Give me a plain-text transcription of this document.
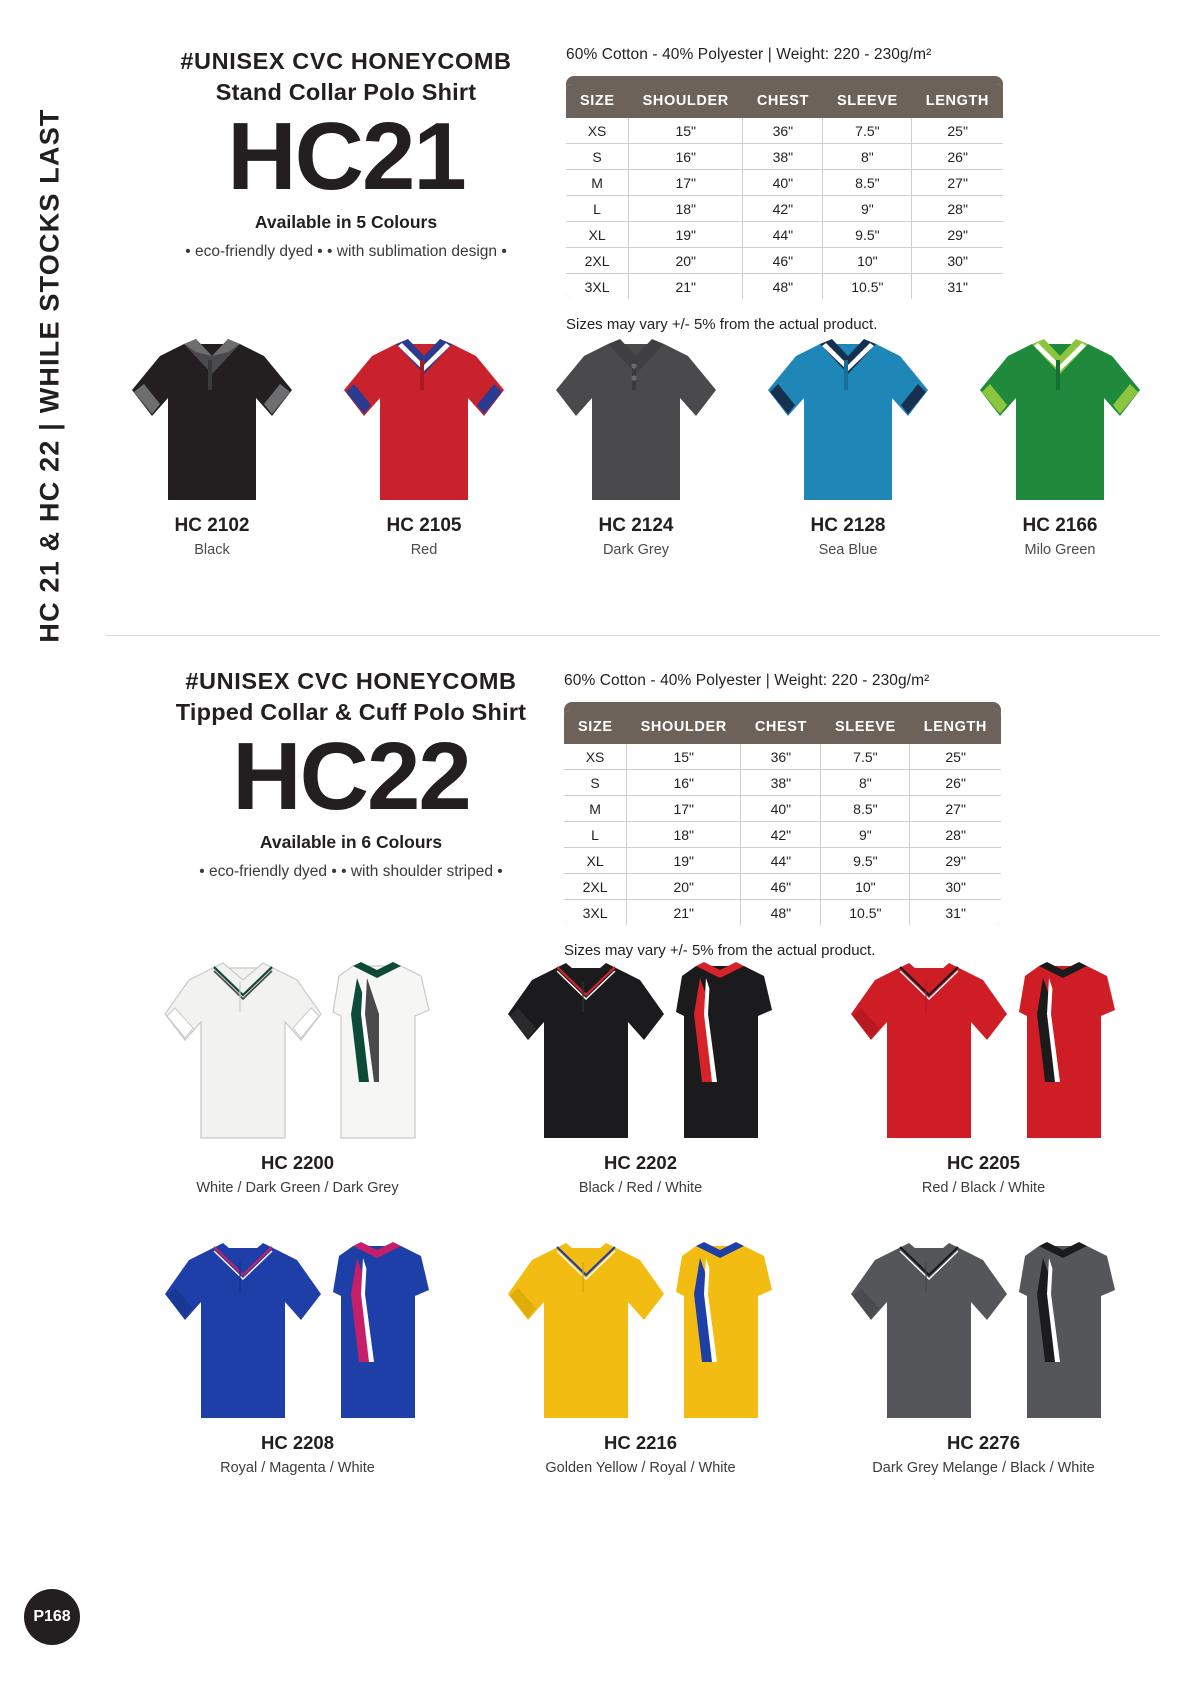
HC 21 & HC 22 | WHILE STOCKS LAST
P168
#UNISEX CVC HONEYCOMB
Stand Collar Polo Shirt
HC21
Available in 5 Colours
• eco-friendly dyed • • with sublimation design •
60% Cotton - 40% Polyester | Weight: 220 - 230g/m²
SIZE	SHOULDER	CHEST	SLEEVE	LENGTH
XS	15"	36"	7.5"	25"
S	16"	38"	8"	26"
M	17"	40"	8.5"	27"
L	18"	42"	9"	28"
XL	19"	44"	9.5"	29"
2XL	20"	46"	10"	30"
3XL	21"	48"	10.5"	31"
Sizes may vary +/- 5% from the actual product.
HC 2102
Black
HC 2105
Red
HC 2124
Dark Grey
HC 2128
Sea Blue
HC 2166
Milo Green
#UNISEX CVC HONEYCOMB
Tipped Collar & Cuff Polo Shirt
HC22
Available in 6 Colours
• eco-friendly dyed • • with shoulder striped •
60% Cotton - 40% Polyester | Weight: 220 - 230g/m²
SIZE	SHOULDER	CHEST	SLEEVE	LENGTH
XS	15"	36"	7.5"	25"
S	16"	38"	8"	26"
M	17"	40"	8.5"	27"
L	18"	42"	9"	28"
XL	19"	44"	9.5"	29"
2XL	20"	46"	10"	30"
3XL	21"	48"	10.5"	31"
Sizes may vary +/- 5% from the actual product.
HC 2200
White / Dark Green / Dark Grey
HC 2202
Black / Red / White
HC 2205
Red / Black / White
HC 2208
Royal / Magenta / White
HC 2216
Golden Yellow / Royal / White
HC 2276
Dark Grey Melange / Black / White
